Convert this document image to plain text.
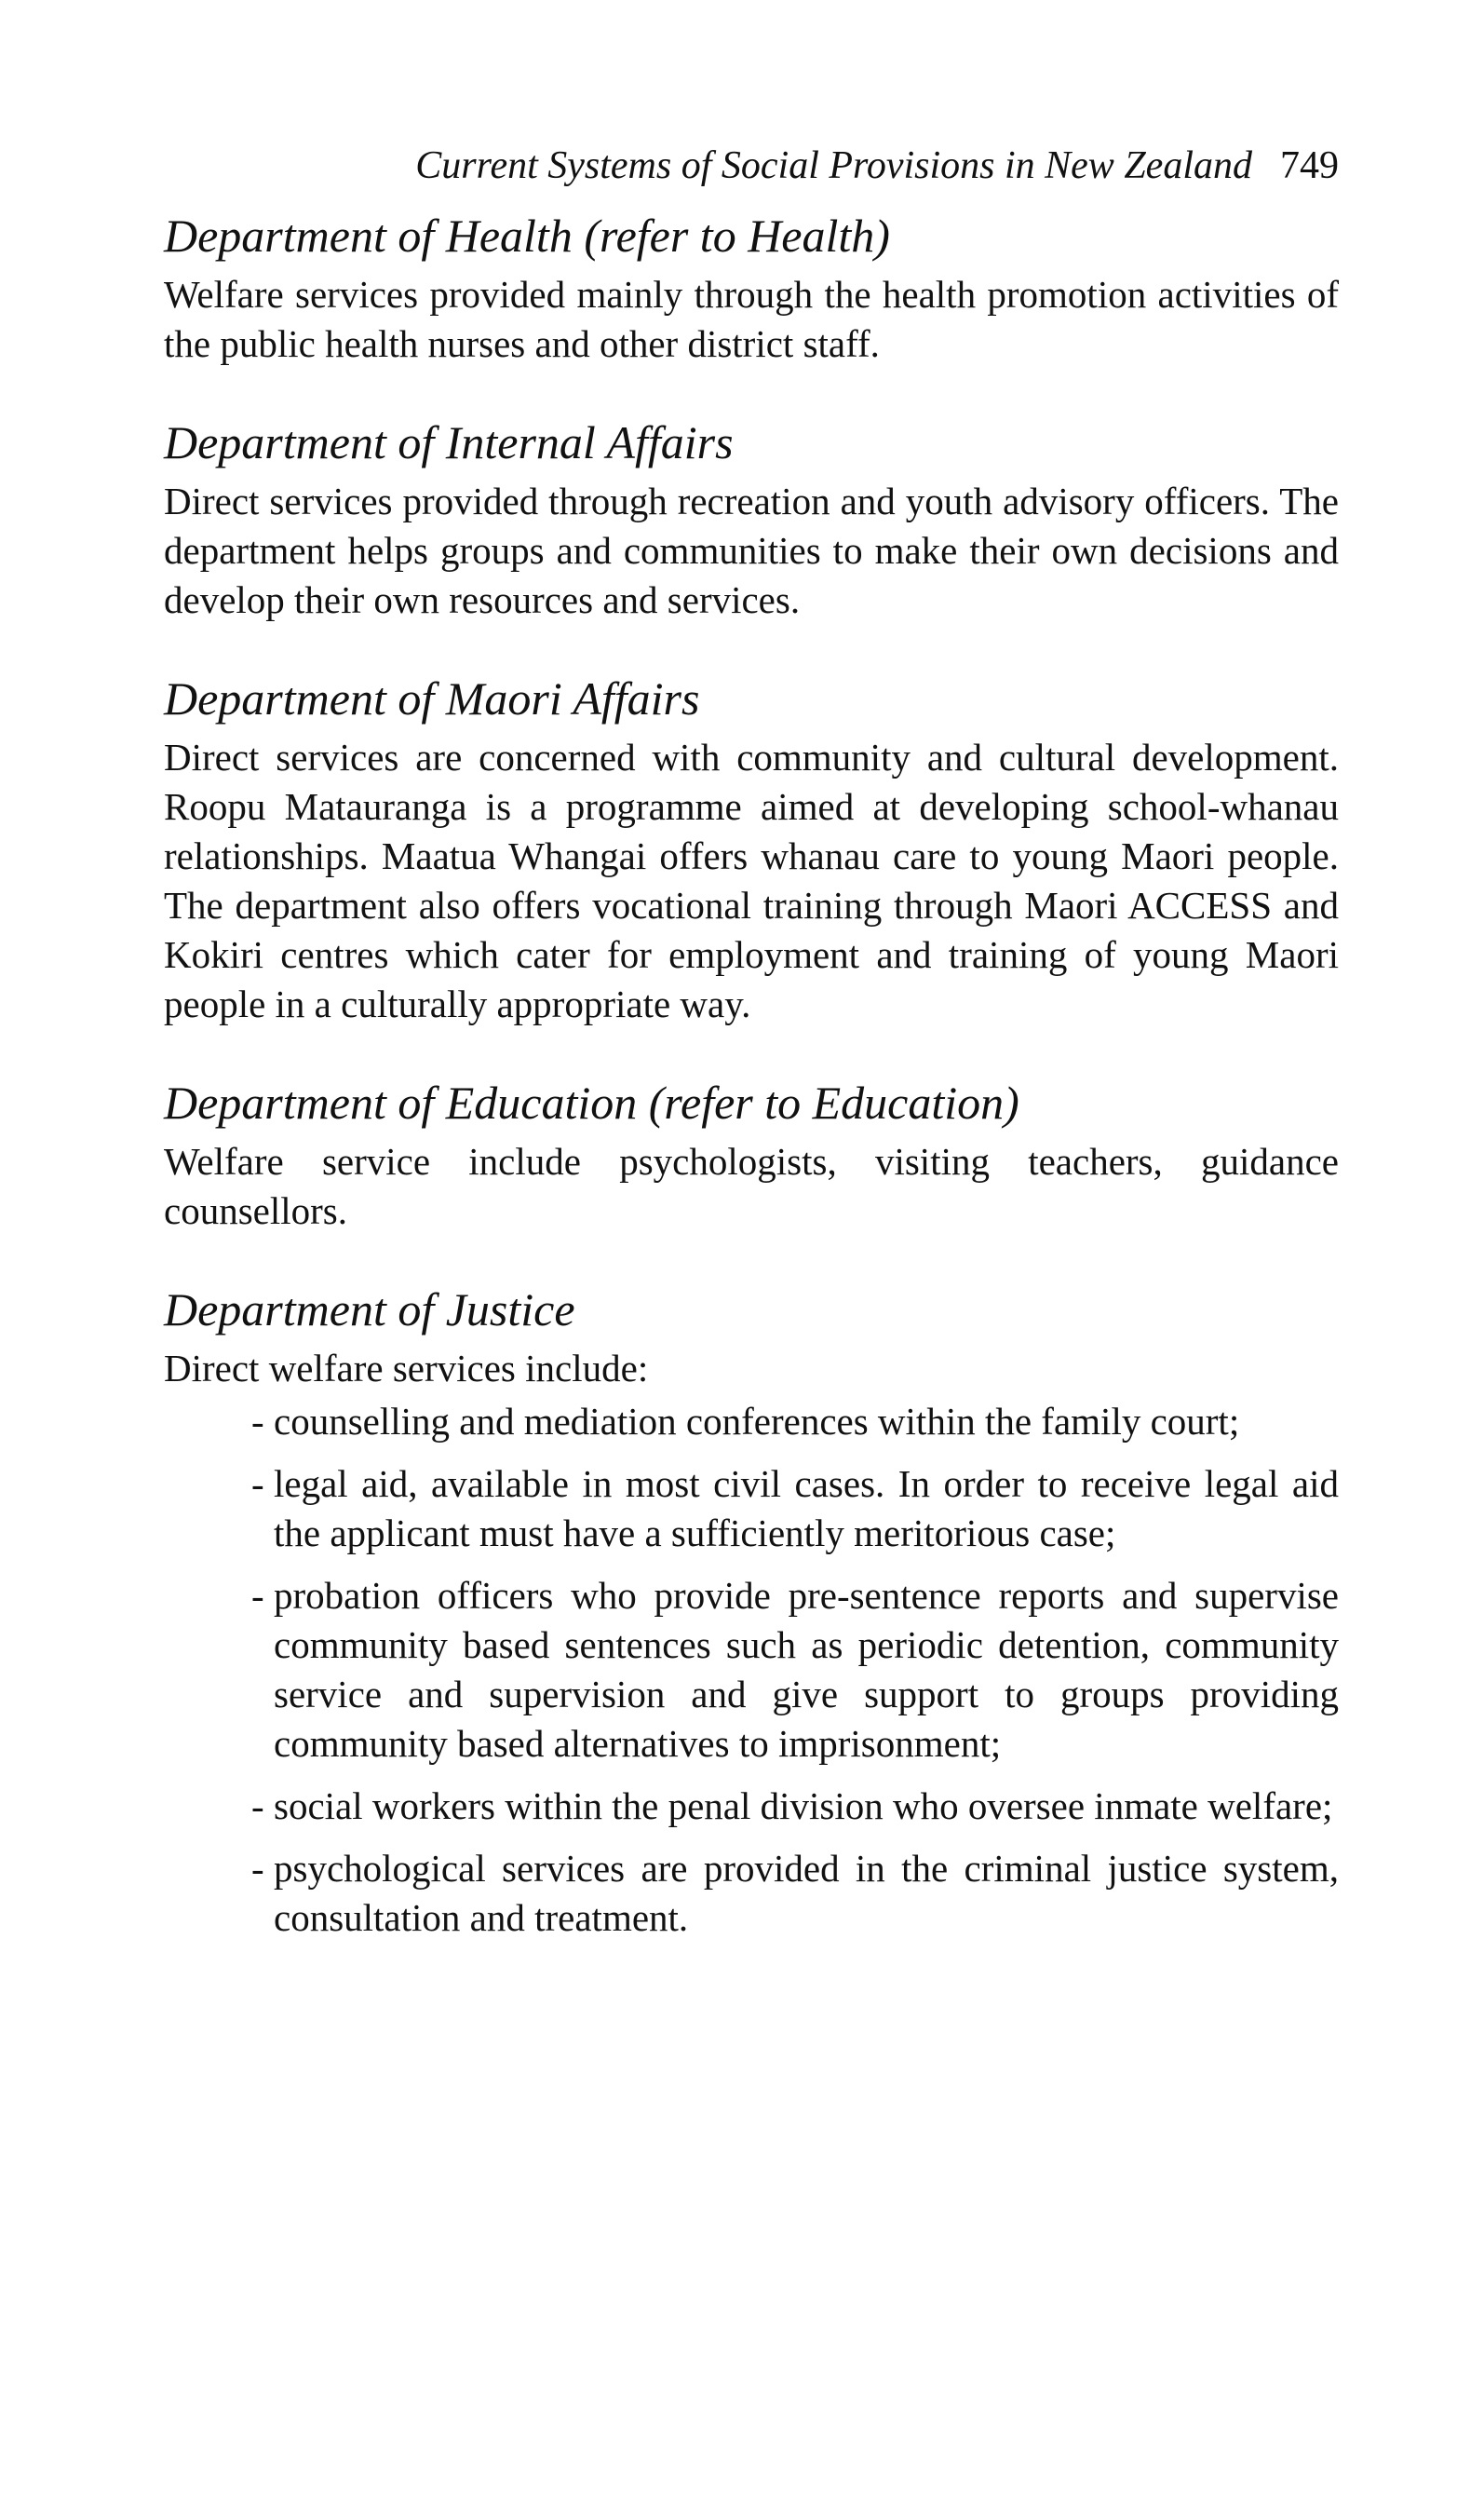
Current Systems of Social Provisions in New Zealand 749
Department of Health (refer to Health)

Welfare services provided mainly through the health promotion activities of the public health nurses and other district staff.

Department of Internal Affairs

Direct services provided through recreation and youth advisory officers. The department helps groups and communities to make their own decisions and develop their own resources and services.

Department of Maori Affairs

Direct services are concerned with community and cultural development. Roopu Matauranga is a programme aimed at developing school-whanau relationships. Maatua Whangai offers whanau care to young Maori people. The department also offers vocational training through Maori ACCESS and Kokiri centres which cater for employment and training of young Maori people in a culturally appropriate way.

Department of Education (refer to Education)

Welfare service include psychologists, visiting teachers, guidance counsellors.

Department of Justice

Direct welfare services include:

- counselling and mediation conferences within the family court;
- legal aid, available in most civil cases. In order to receive legal aid the applicant must have a sufficiently meritorious case;
- probation officers who provide pre-sentence reports and supervise community based sentences such as periodic detention, community service and supervision and give support to groups providing community based alternatives to imprisonment;
- social workers within the penal division who oversee inmate welfare;
- psychological services are provided in the criminal justice system, consultation and treatment.
